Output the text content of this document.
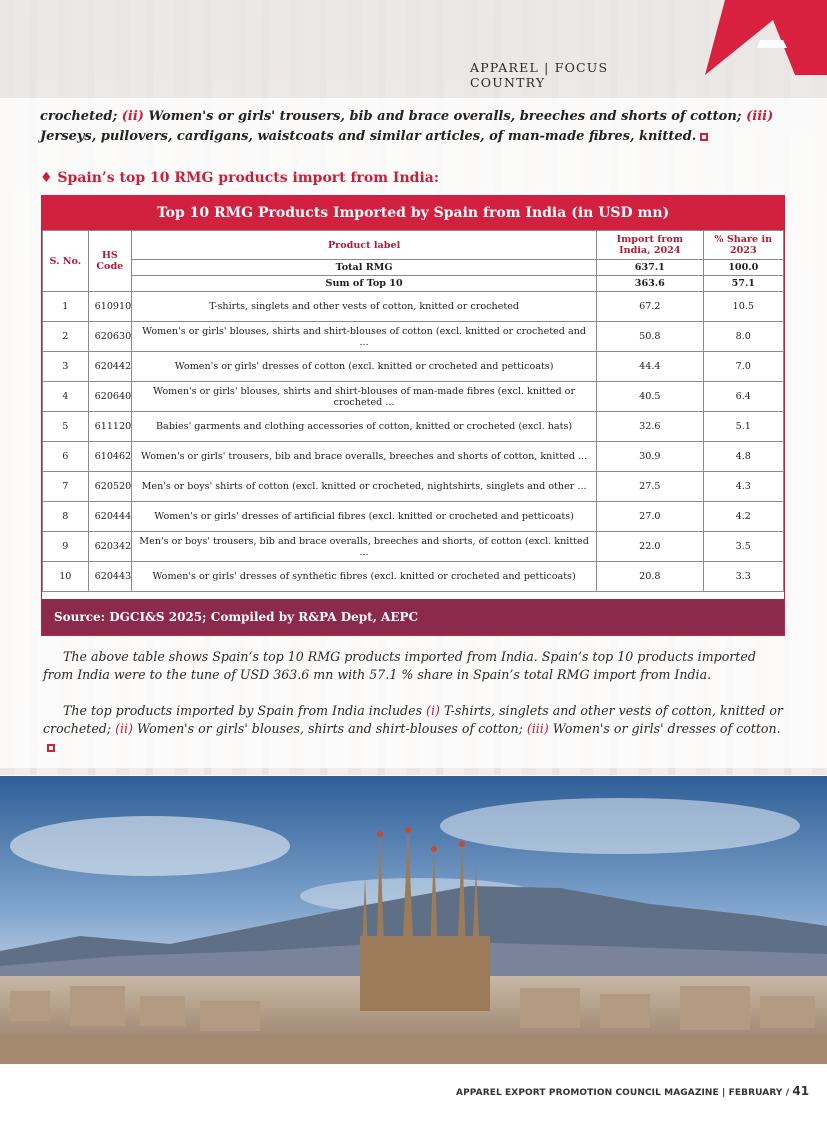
APPAREL | FOCUS COUNTRY
crocheted; (ii) Women's or girls' trousers, bib and brace overalls, breeches and shorts of cotton; (iii) Jerseys, pullovers, cardigans, waistcoats and similar articles, of man-made fibres, knitted.
♦ Spain’s top 10 RMG products import from India:
Top 10 RMG Products Imported by Spain from India (in USD mn)
S. No.	HS Code	Product label	Import from India, 2024	% Share in 2023
		Total RMG	637.1	100.0
		Sum of Top 10	363.6	57.1
1	610910	T-shirts, singlets and other vests of cotton, knitted or crocheted	67.2	10.5
2	620630	Women's or girls' blouses, shirts and shirt-blouses of cotton (excl. knitted or crocheted and ...	50.8	8.0
3	620442	Women's or girls' dresses of cotton (excl. knitted or crocheted and petticoats)	44.4	7.0
4	620640	Women's or girls' blouses, shirts and shirt-blouses of man-made fibres (excl. knitted or crocheted ...	40.5	6.4
5	611120	Babies' garments and clothing accessories of cotton, knitted or crocheted (excl. hats)	32.6	5.1
6	610462	Women's or girls' trousers, bib and brace overalls, breeches and shorts of cotton, knitted ...	30.9	4.8
7	620520	Men's or boys' shirts of cotton (excl. knitted or crocheted, nightshirts, singlets and other ...	27.5	4.3
8	620444	Women's or girls' dresses of artificial fibres (excl. knitted or crocheted and petticoats)	27.0	4.2
9	620342	Men's or boys' trousers, bib and brace overalls, breeches and shorts, of cotton (excl. knitted ...	22.0	3.5
10	620443	Women's or girls' dresses of synthetic fibres (excl. knitted or crocheted and petticoats)	20.8	3.3
Source: DGCI&S 2025; Compiled by R&PA Dept, AEPC
The above table shows Spain’s top 10 RMG products imported from India. Spain’s top 10 products imported from India were to the tune of USD 363.6 mn with 57.1 % share in Spain’s total RMG import from India.
The top products imported by Spain from India includes (i) T-shirts, singlets and other vests of cotton, knitted or crocheted; (ii) Women's or girls' blouses, shirts and shirt-blouses of cotton; (iii) Women's or girls' dresses of cotton.
APPAREL EXPORT PROMOTION COUNCIL MAGAZINE | FEBRUARY / 41
